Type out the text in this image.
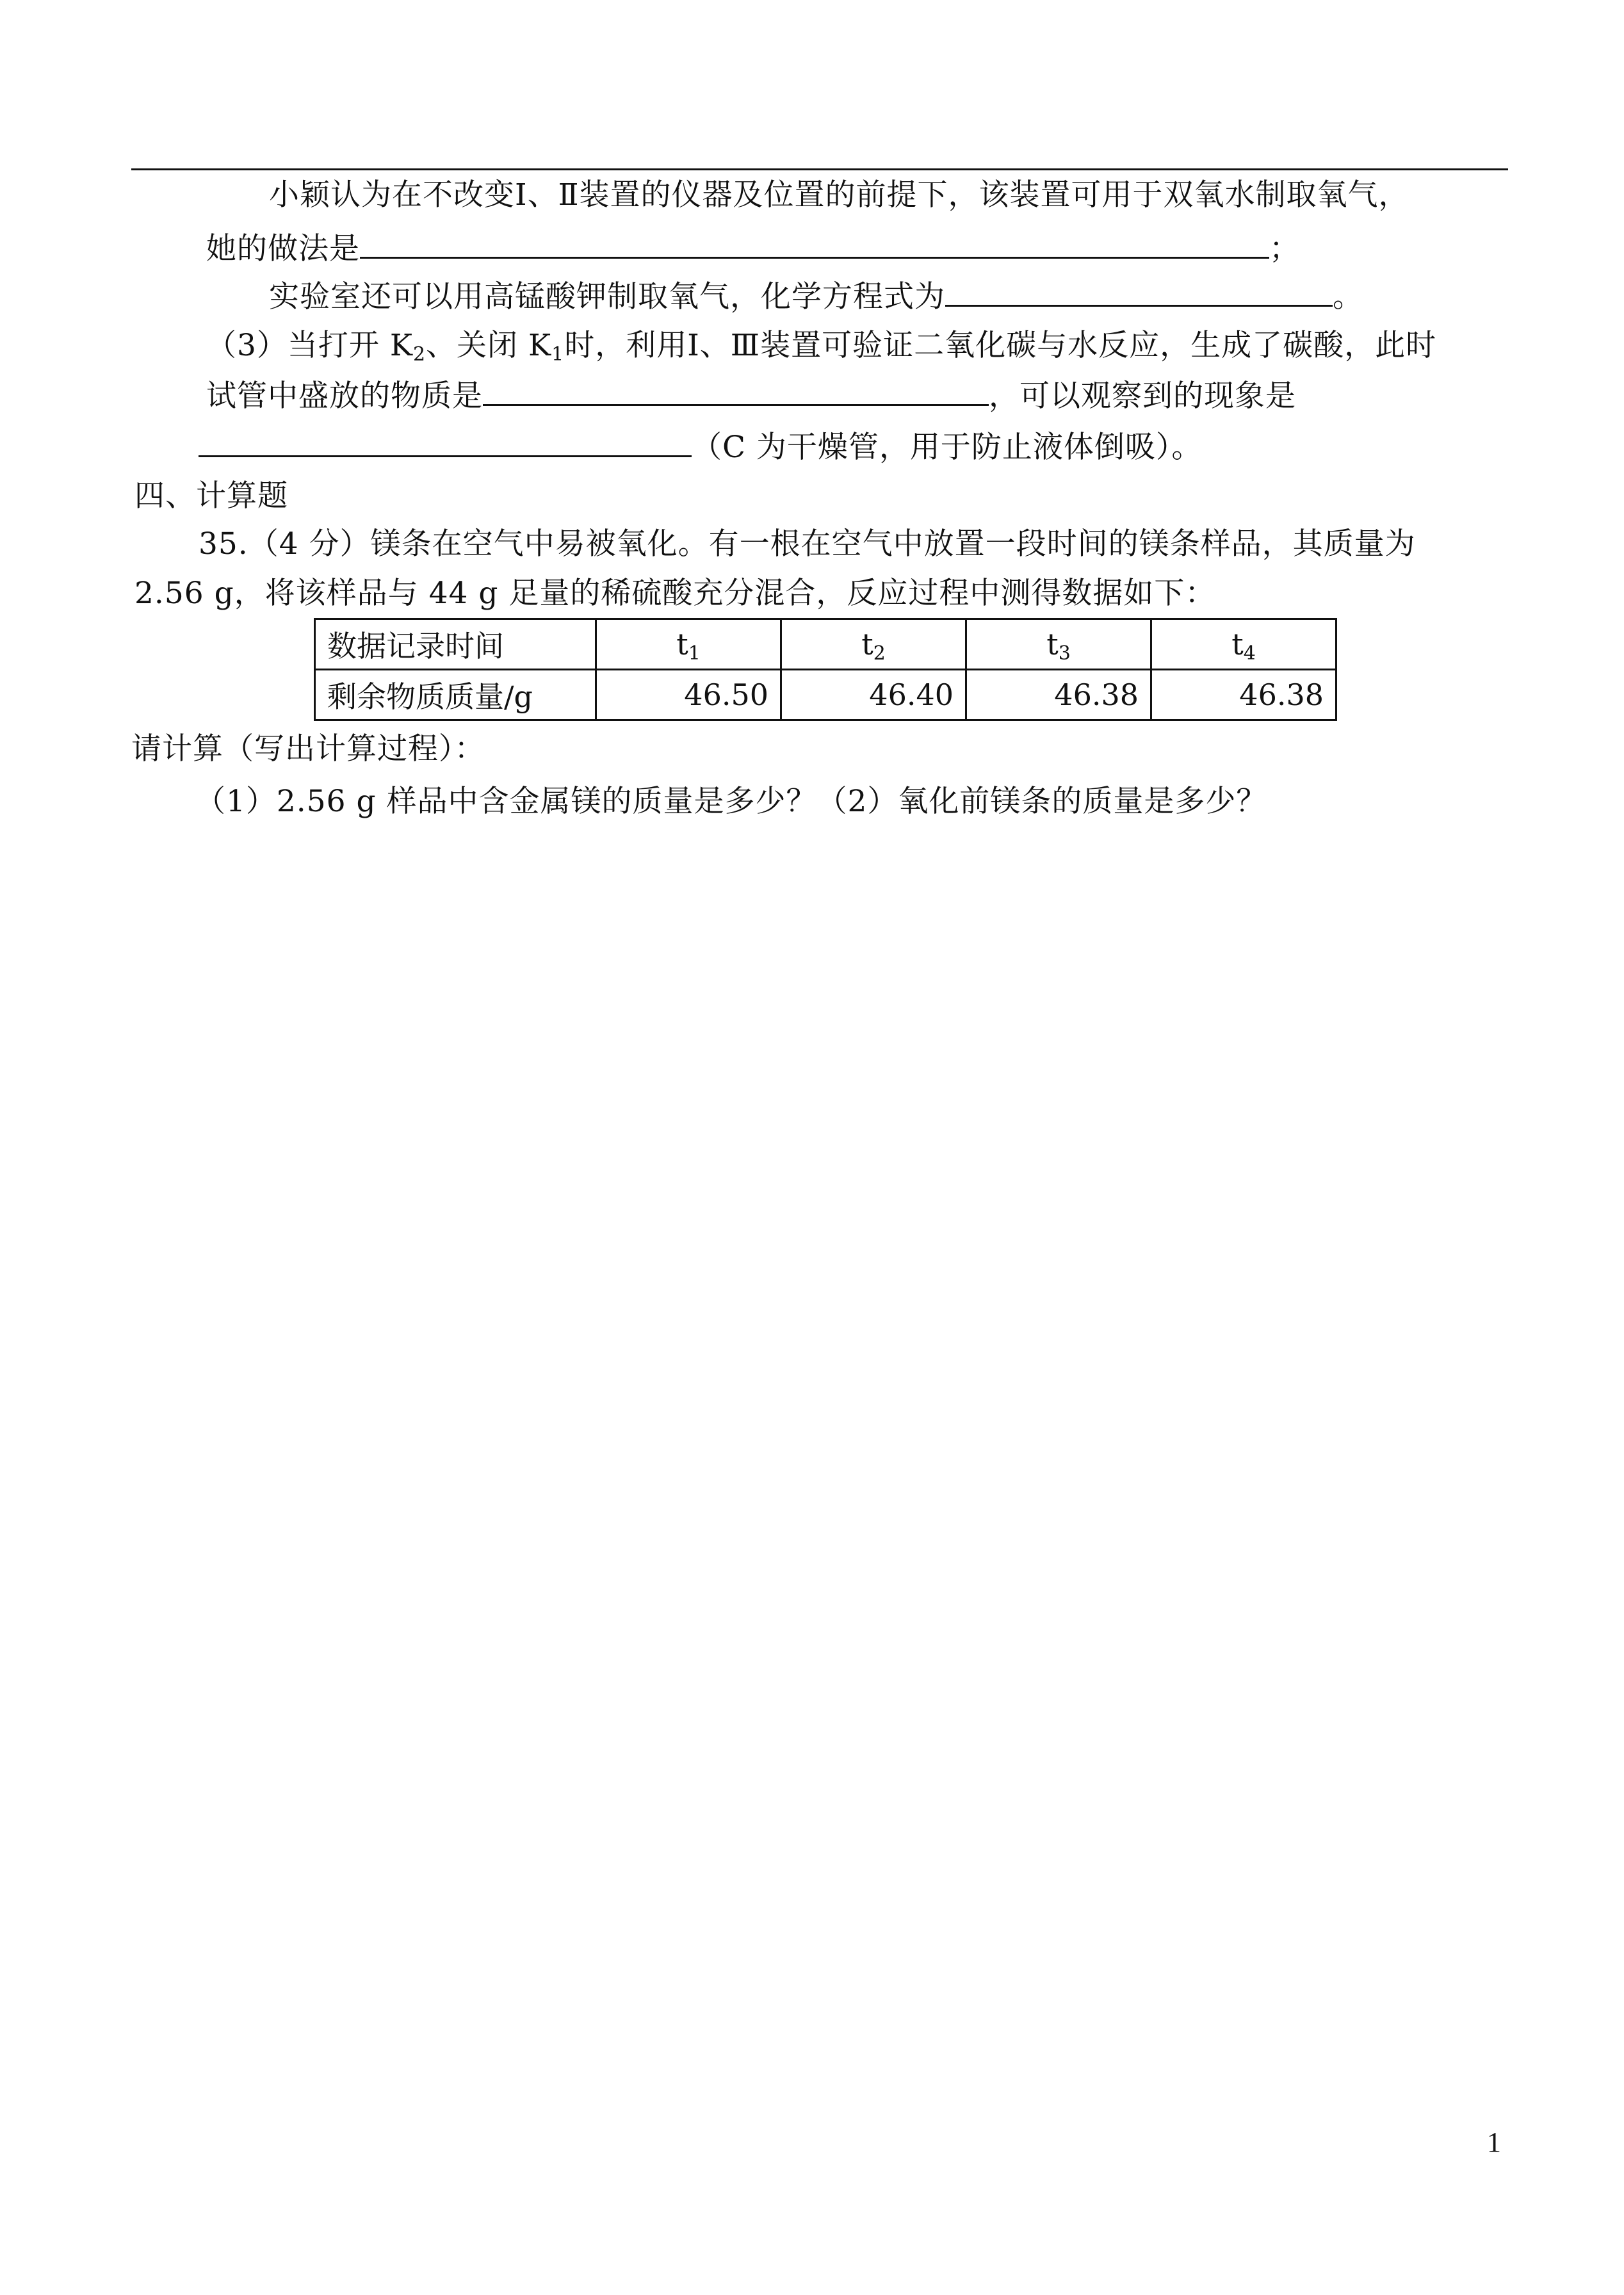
小颖认为在不改变Ⅰ、Ⅱ装置的仪器及位置的前提下，该装置可用于双氧水制取氧气，
她的做法是	；
实验室还可以用高锰酸钾制取氧气，化学方程式为	。
（3）当打开 $K_2$、关闭 $K_1$时，利用Ⅰ、Ⅲ装置可验证二氧化碳与水反应，生成了碳酸，此时
试管中盛放的物质是	，可以观察到的现象是
（C 为干燥管，用于防止液体倒吸）。
四、计算题
35.（4 分）镁条在空气中易被氧化。有一根在空气中放置一段时间的镁条样品，其质量为
2.56 g，将该样品与 44 g 足量的稀硫酸充分混合，反应过程中测得数据如下：
数据记录时间	$t_1$	$t_2$	$t_3$	$t_4$
剩余物质质量/g	46.50	46.40	46.38	46.38
请计算（写出计算过程）：
（1）2.56 g 样品中含金属镁的质量是多少？（2）氧化前镁条的质量是多少？
1
